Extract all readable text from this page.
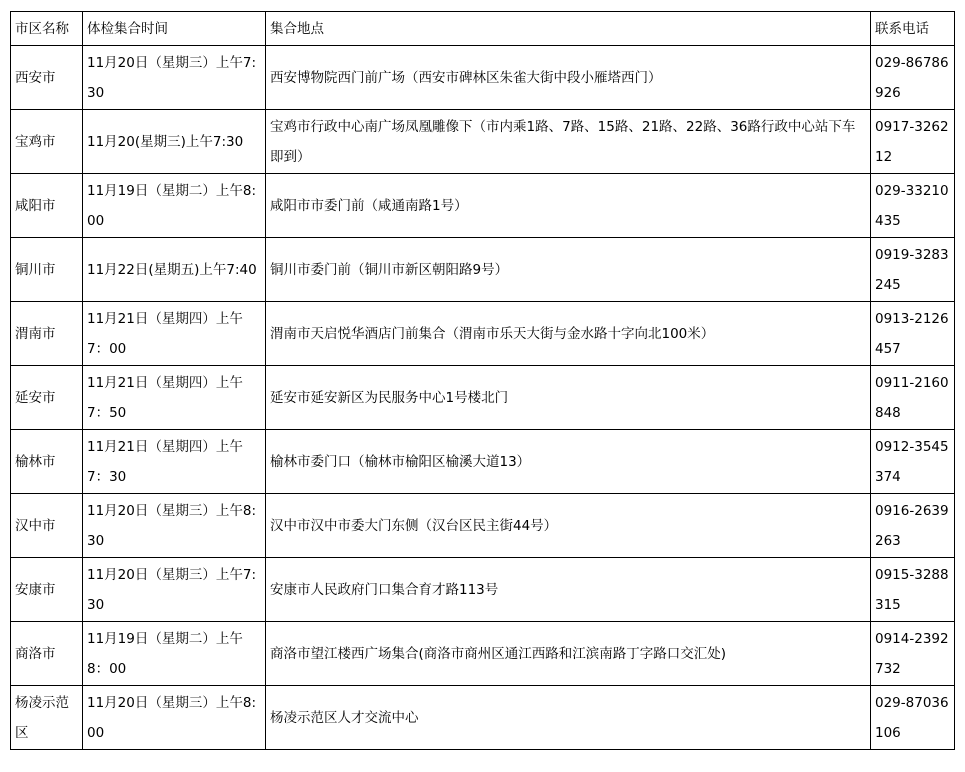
市区名称	体检集合时间	集合地点	联系电话
西安市	11月20日（星期三）上午7:30	西安博物院西门前广场（西安市碑林区朱雀大街中段小雁塔西门）	029-86786926
宝鸡市	11月20(星期三)上午7:30	宝鸡市行政中心南广场凤凰雕像下（市内乘1路、7路、15路、21路、22路、36路行政中心站下车即到）	0917-326212
咸阳市	11月19日（星期二）上午8:00	咸阳市市委门前（咸通南路1号）	029-33210435
铜川市	11月22日(星期五)上午7:40	铜川市委门前（铜川市新区朝阳路9号）	0919-3283245
渭南市	11月21日（星期四）上午7：00	渭南市天启悦华酒店门前集合（渭南市乐天大街与金水路十字向北100米）	0913-2126457
延安市	11月21日（星期四）上午7：50	延安市延安新区为民服务中心1号楼北门	0911-2160848
榆林市	11月21日（星期四）上午7：30	榆林市委门口（榆林市榆阳区榆溪大道13）	0912-3545374
汉中市	11月20日（星期三）上午8:30	汉中市汉中市委大门东侧（汉台区民主街44号）	0916-2639263
安康市	11月20日（星期三）上午7:30	安康市人民政府门口集合育才路113号	0915-3288315
商洛市	11月19日（星期二）上午8：00	商洛市望江楼西广场集合(商洛市商州区通江西路和江滨南路丁字路口交汇处)	0914-2392732
杨凌示范区	11月20日（星期三）上午8:00	杨凌示范区人才交流中心	029-87036106
